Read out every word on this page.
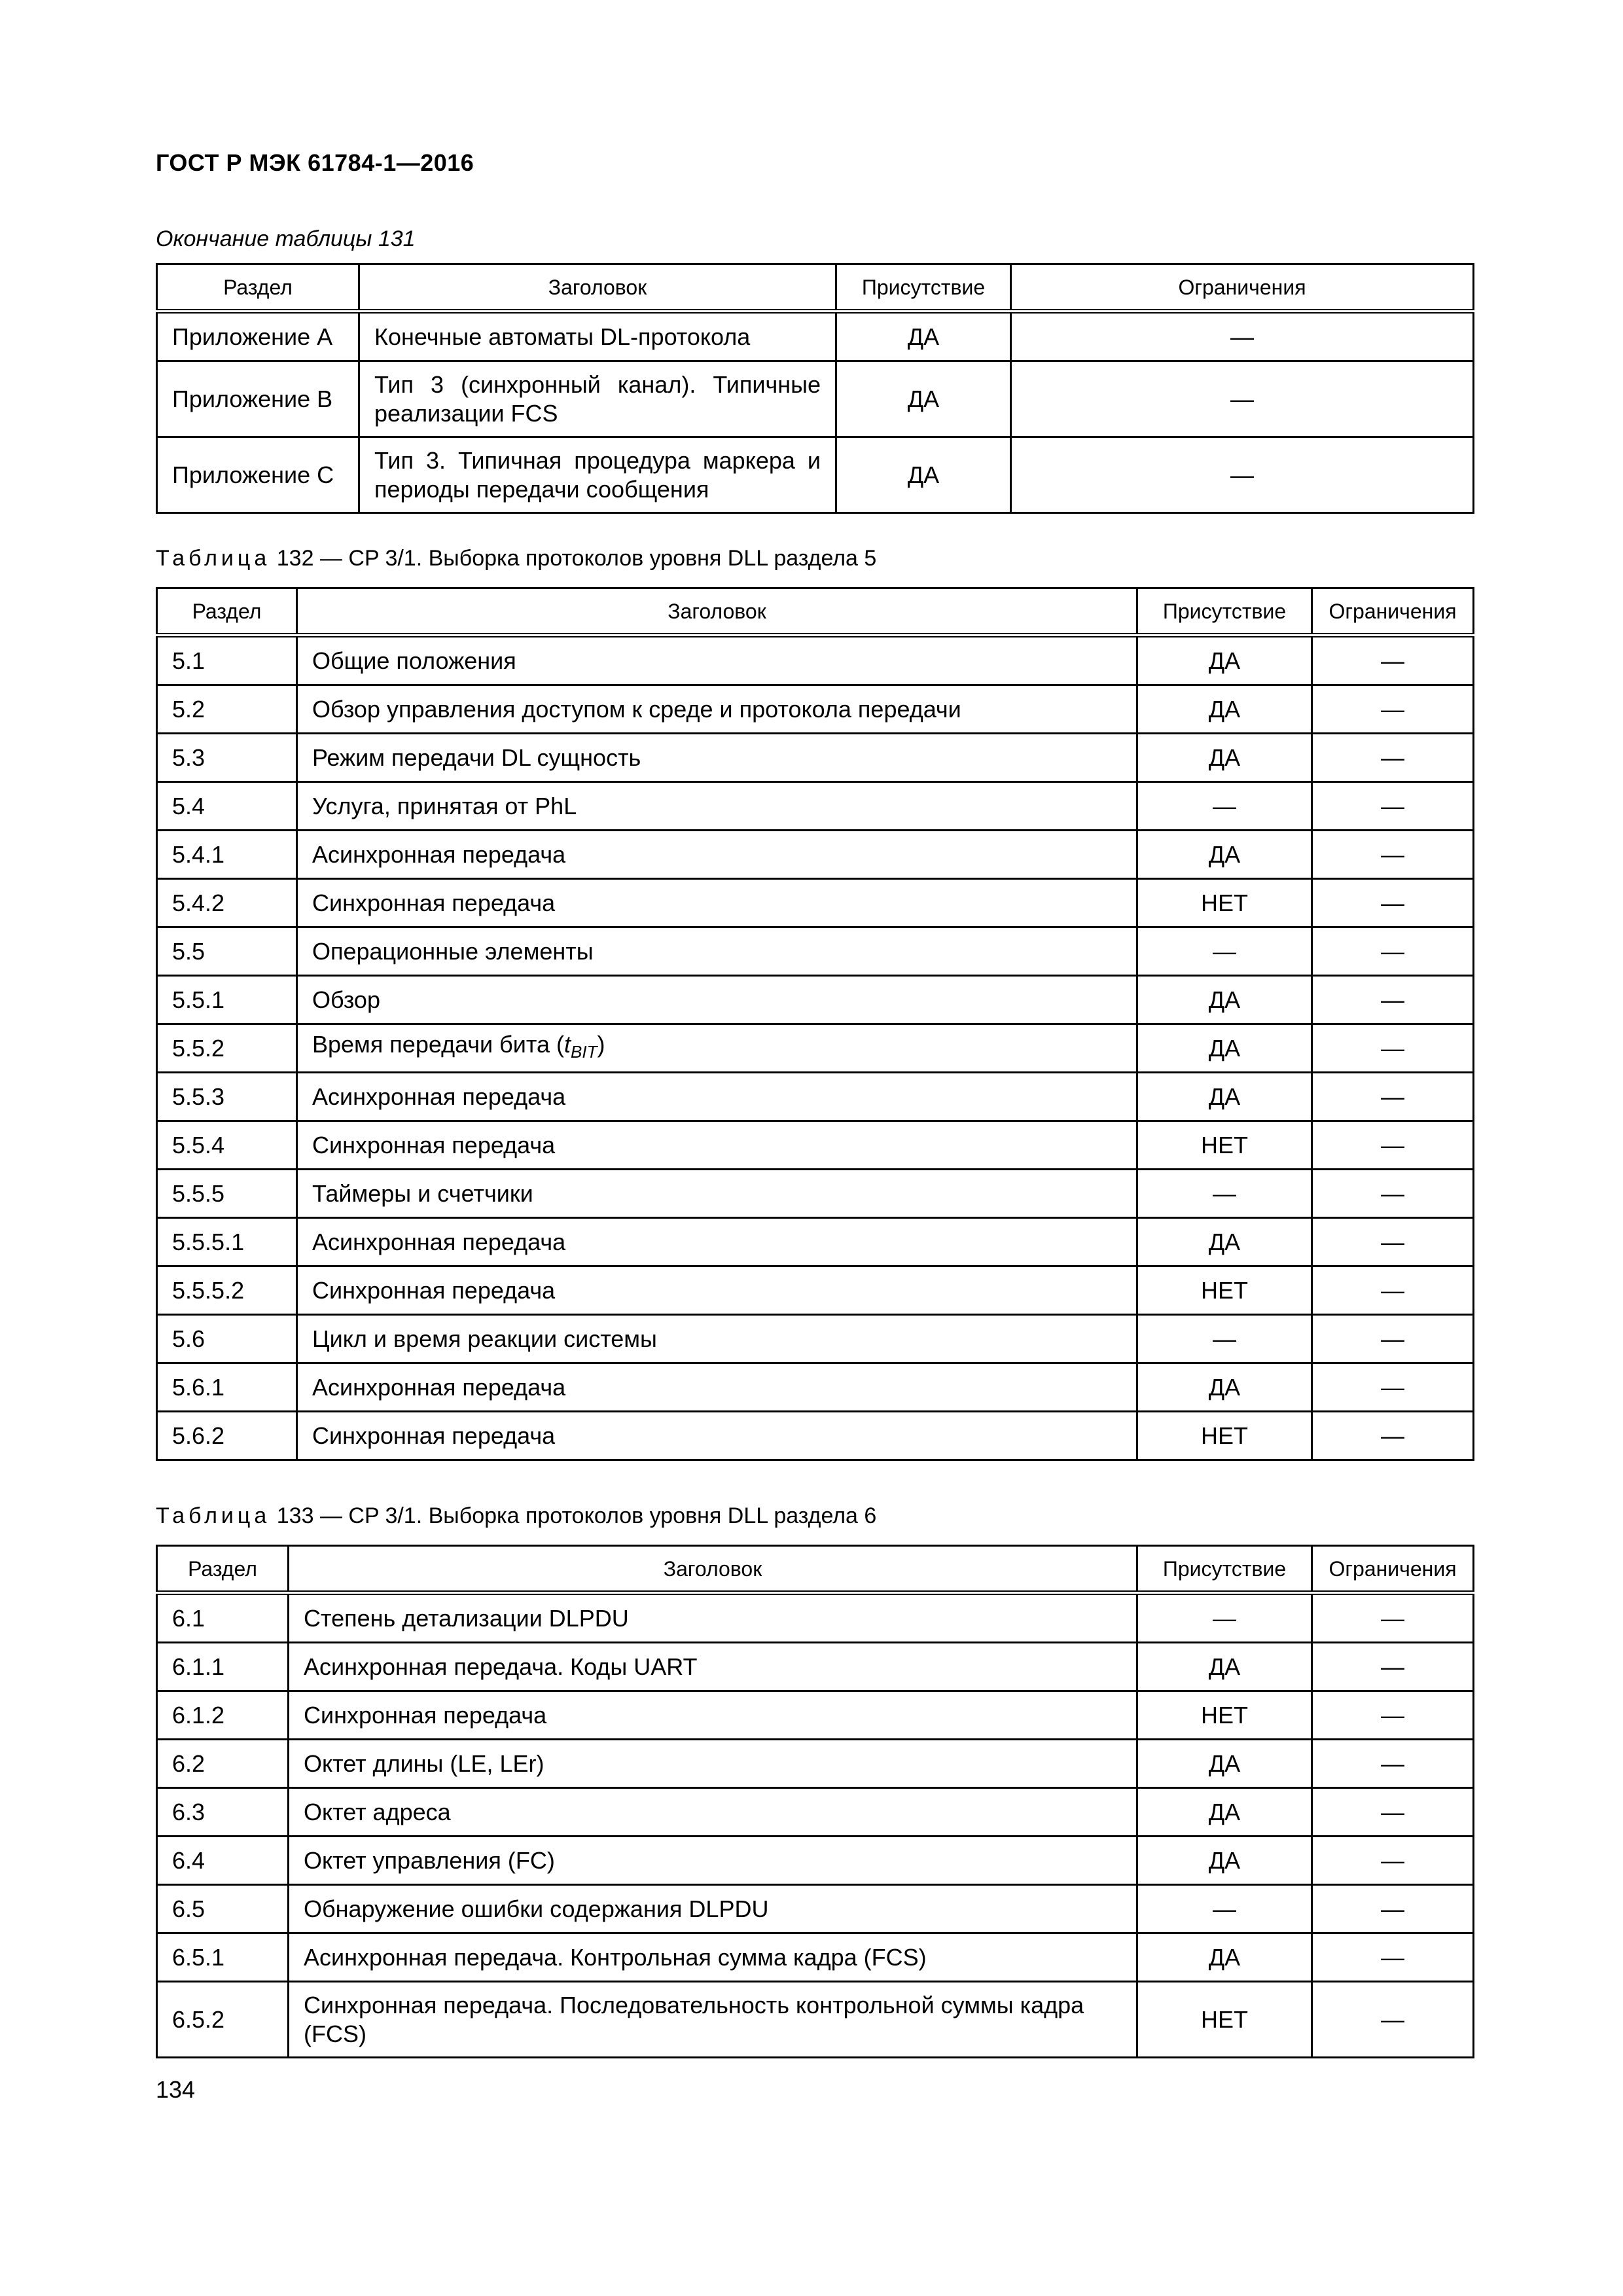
ГОСТ Р МЭК 61784-1—2016
Окончание таблицы 131
Раздел	Заголовок	Присутствие	Ограничения
Приложение А	Конечные автоматы DL-протокола	ДА	—
Приложение В	Тип 3 (синхронный канал). Типичные реализации FCS	ДА	—
Приложение С	Тип 3. Типичная процедура маркера и периоды передачи сообщения	ДА	—
Таблица 132 — CP 3/1. Выборка протоколов уровня DLL раздела 5
Раздел	Заголовок	Присутствие	Ограничения
5.1	Общие положения	ДА	—
5.2	Обзор управления доступом к среде и протокола передачи	ДА	—
5.3	Режим передачи DL сущность	ДА	—
5.4	Услуга, принятая от PhL	—	—
5.4.1	Асинхронная передача	ДА	—
5.4.2	Синхронная передача	НЕТ	—
5.5	Операционные элементы	—	—
5.5.1	Обзор	ДА	—
5.5.2	Время передачи бита $(t_{BIT})$	ДА	—
5.5.3	Асинхронная передача	ДА	—
5.5.4	Синхронная передача	НЕТ	—
5.5.5	Таймеры и счетчики	—	—
5.5.5.1	Асинхронная передача	ДА	—
5.5.5.2	Синхронная передача	НЕТ	—
5.6	Цикл и время реакции системы	—	—
5.6.1	Асинхронная передача	ДА	—
5.6.2	Синхронная передача	НЕТ	—
Таблица 133 — CP 3/1. Выборка протоколов уровня DLL раздела 6
Раздел	Заголовок	Присутствие	Ограничения
6.1	Степень детализации DLPDU	—	—
6.1.1	Асинхронная передача. Коды UART	ДА	—
6.1.2	Синхронная передача	НЕТ	—
6.2	Октет длины (LE, LEr)	ДА	—
6.3	Октет адреса	ДА	—
6.4	Октет управления (FC)	ДА	—
6.5	Обнаружение ошибки содержания DLPDU	—	—
6.5.1	Асинхронная передача. Контрольная сумма кадра (FCS)	ДА	—
6.5.2	Синхронная передача. Последовательность контрольной суммы кадра (FCS)	НЕТ	—
134
